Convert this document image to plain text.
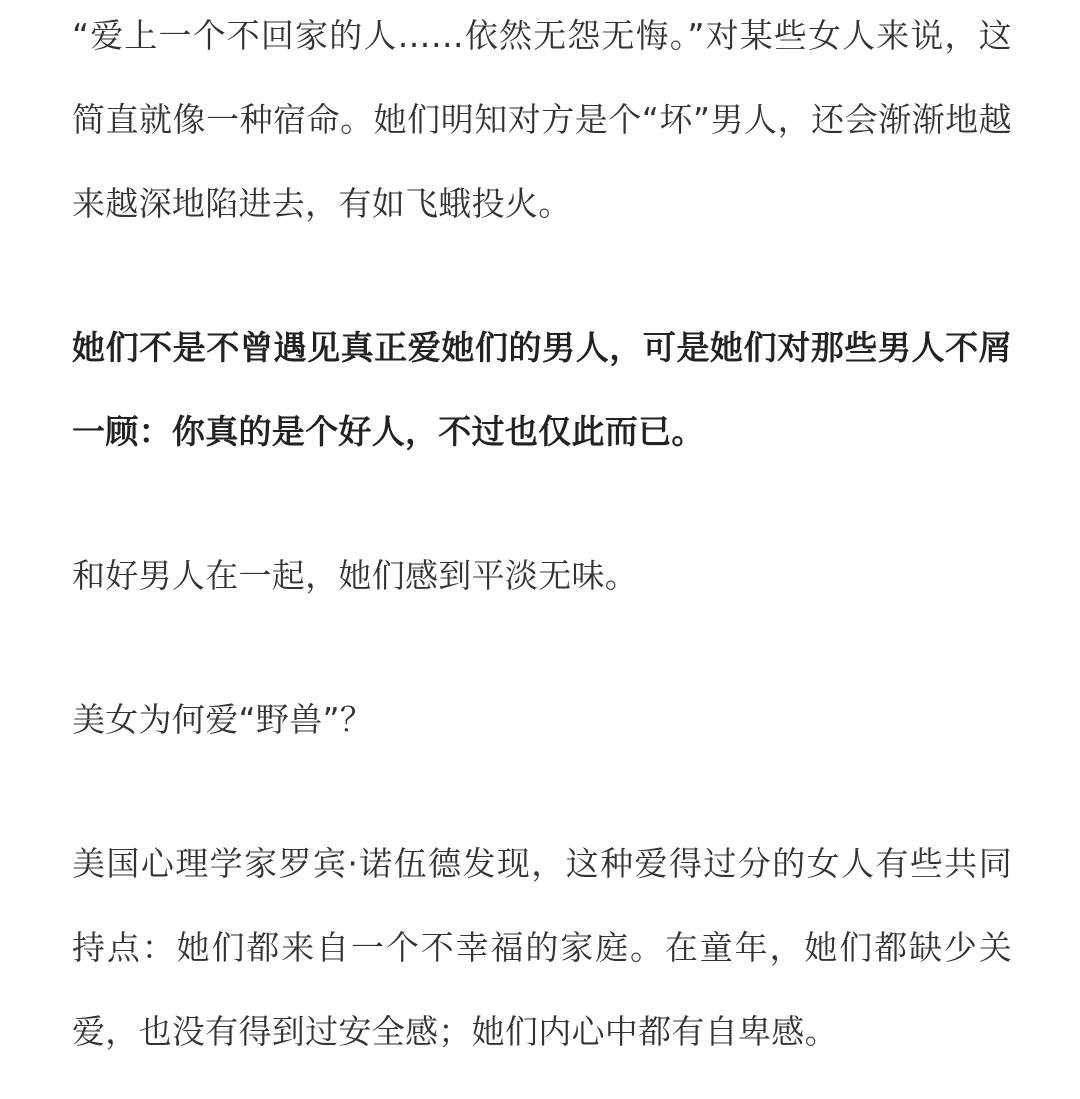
“爱上一个不回家的人……依然无怨无悔。”对某些女人来说，这简直就像一种宿命。她们明知对方是个“坏”男人，还会渐渐地越来越深地陷进去，有如飞蛾投火。

她们不是不曾遇见真正爱她们的男人，可是她们对那些男人不屑一顾：你真的是个好人，不过也仅此而已。

和好男人在一起，她们感到平淡无味。

美女为何爱“野兽”？

美国心理学家罗宾·诺伍德发现，这种爱得过分的女人有些共同持点：她们都来自一个不幸福的家庭。在童年，她们都缺少关爱，也没有得到过安全感；她们内心中都有自卑感。
